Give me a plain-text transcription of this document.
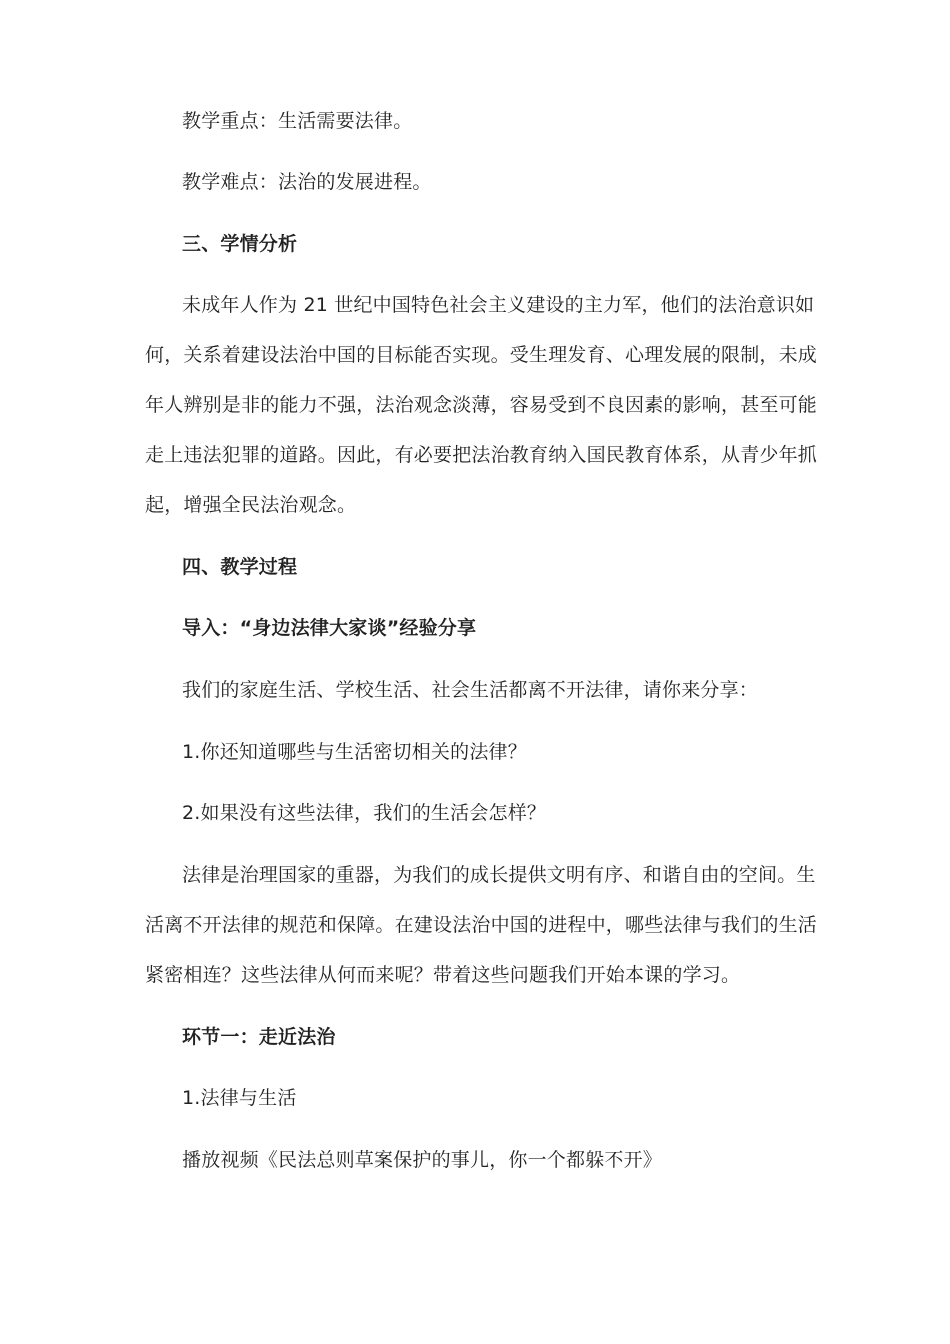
教学重点：生活需要法律。
教学难点：法治的发展进程。
三、学情分析
未成年人作为 21 世纪中国特色社会主义建设的主力军，他们的法治意识如
何，关系着建设法治中国的目标能否实现。受生理发育、心理发展的限制，未成
年人辨别是非的能力不强，法治观念淡薄，容易受到不良因素的影响，甚至可能
走上违法犯罪的道路。因此，有必要把法治教育纳入国民教育体系，从青少年抓
起，增强全民法治观念。
四、教学过程
导入：“身边法律大家谈”经验分享
我们的家庭生活、学校生活、社会生活都离不开法律，请你来分享：
1.你还知道哪些与生活密切相关的法律？
2.如果没有这些法律，我们的生活会怎样？
法律是治理国家的重器，为我们的成长提供文明有序、和谐自由的空间。生
活离不开法律的规范和保障。在建设法治中国的进程中，哪些法律与我们的生活
紧密相连？这些法律从何而来呢？带着这些问题我们开始本课的学习。
环节一：走近法治
1.法律与生活
播放视频《民法总则草案保护的事儿，你一个都躲不开》
